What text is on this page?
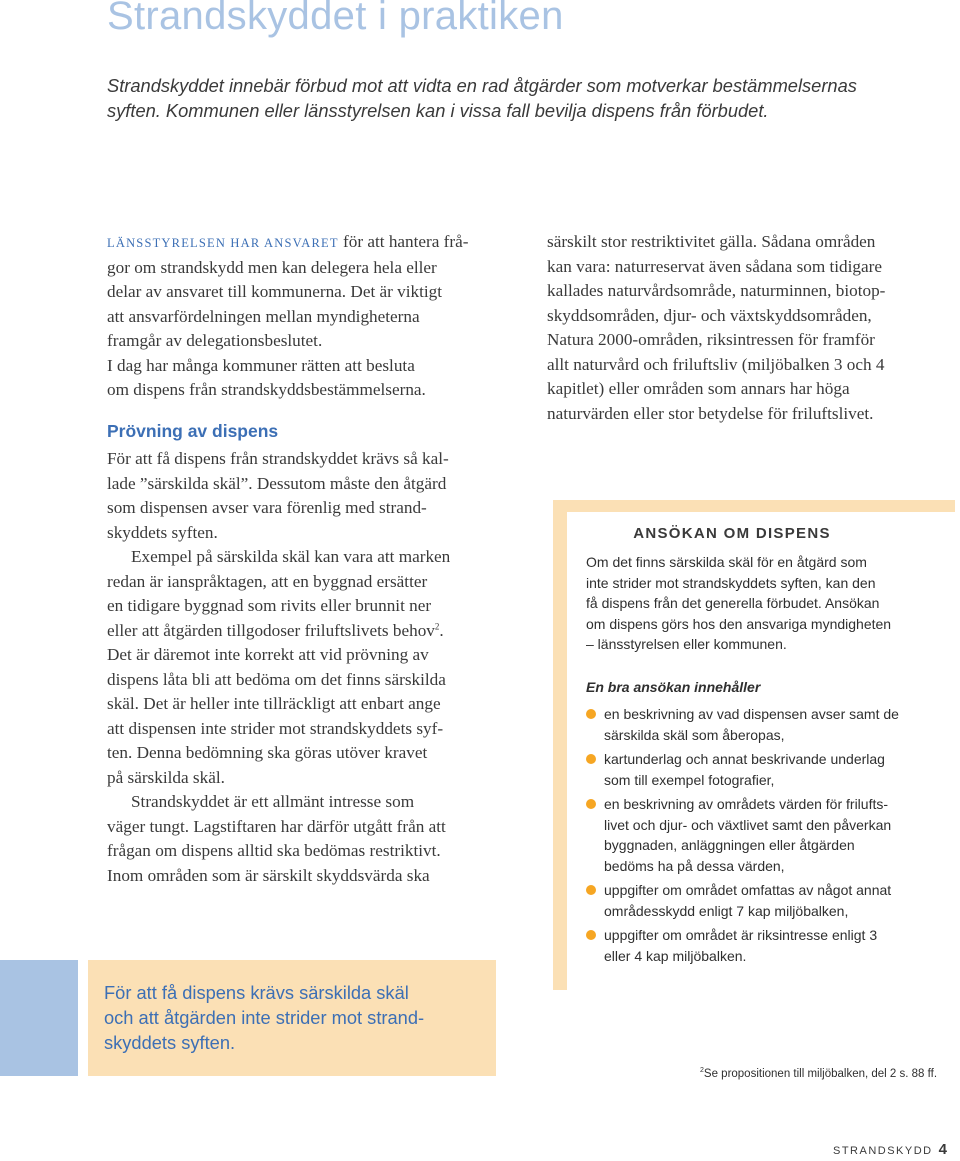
Strandskyddet i praktiken

Strandskyddet innebär förbud mot att vidta en rad åtgärder som motverkar bestämmelsernas
syften. Kommunen eller länsstyrelsen kan i vissa fall bevilja dispens från förbudet.

LÄNSSTYRELSEN HAR ANSVARET för att hantera frå-
gor om strandskydd men kan delegera hela eller
delar av ansvaret till kommunerna. Det är viktigt
att ansvarfördelningen mellan myndigheterna
framgår av delegationsbeslutet.
I dag har många kommuner rätten att besluta
om dispens från strandskyddsbestämmelserna.
Prövning av dispens
För att få dispens från strandskyddet krävs så kal-
lade ”särskilda skäl”. Dessutom måste den åtgärd
som dispensen avser vara förenlig med strand-
skyddets syften.
Exempel på särskilda skäl kan vara att marken
redan är ianspråktagen, att en byggnad ersätter
en tidigare byggnad som rivits eller brunnit ner
eller att åtgärden tillgodoser friluftslivets behov$^2$.
Det är däremot inte korrekt att vid prövning av
dispens låta bli att bedöma om det finns särskilda
skäl. Det är heller inte tillräckligt att enbart ange
att dispensen inte strider mot strandskyddets syf-
ten. Denna bedömning ska göras utöver kravet
på särskilda skäl.
Strandskyddet är ett allmänt intresse som
väger tungt. Lagstiftaren har därför utgått från att
frågan om dispens alltid ska bedömas restriktivt.
Inom områden som är särskilt skyddsvärda ska
särskilt stor restriktivitet gälla. Sådana områden
kan vara: naturreservat även sådana som tidigare
kallades naturvårdsområde, naturminnen, biotop-
skyddsområden, djur- och växtskyddsområden,
Natura 2000-områden, riksintressen för framför
allt naturvård och friluftsliv (miljöbalken 3 och 4
kapitlet) eller områden som annars har höga
naturvärden eller stor betydelse för friluftslivet.
ANSÖKAN OM DISPENS
Om det finns särskilda skäl för en åtgärd som
inte strider mot strandskyddets syften, kan den
få dispens från det generella förbudet. Ansökan
om dispens görs hos den ansvariga myndigheten
– länsstyrelsen eller kommunen.
En bra ansökan innehåller
en beskrivning av vad dispensen avser samt de
särskilda skäl som åberopas,
kartunderlag och annat beskrivande underlag
som till exempel fotografier,
en beskrivning av områdets värden för frilufts-
livet och djur- och växtlivet samt den påverkan
byggnaden, anläggningen eller åtgärden
bedöms ha på dessa värden,
uppgifter om området omfattas av något annat
områdesskydd enligt 7 kap miljöbalken,
uppgifter om området är riksintresse enligt 3
eller 4 kap miljöbalken.
För att få dispens krävs särskilda skäl
och att åtgärden inte strider mot strand-
skyddets syften.
$^2$Se propositionen till miljöbalken, del 2 s. 88 ff.
STRANDSKYDD 4
